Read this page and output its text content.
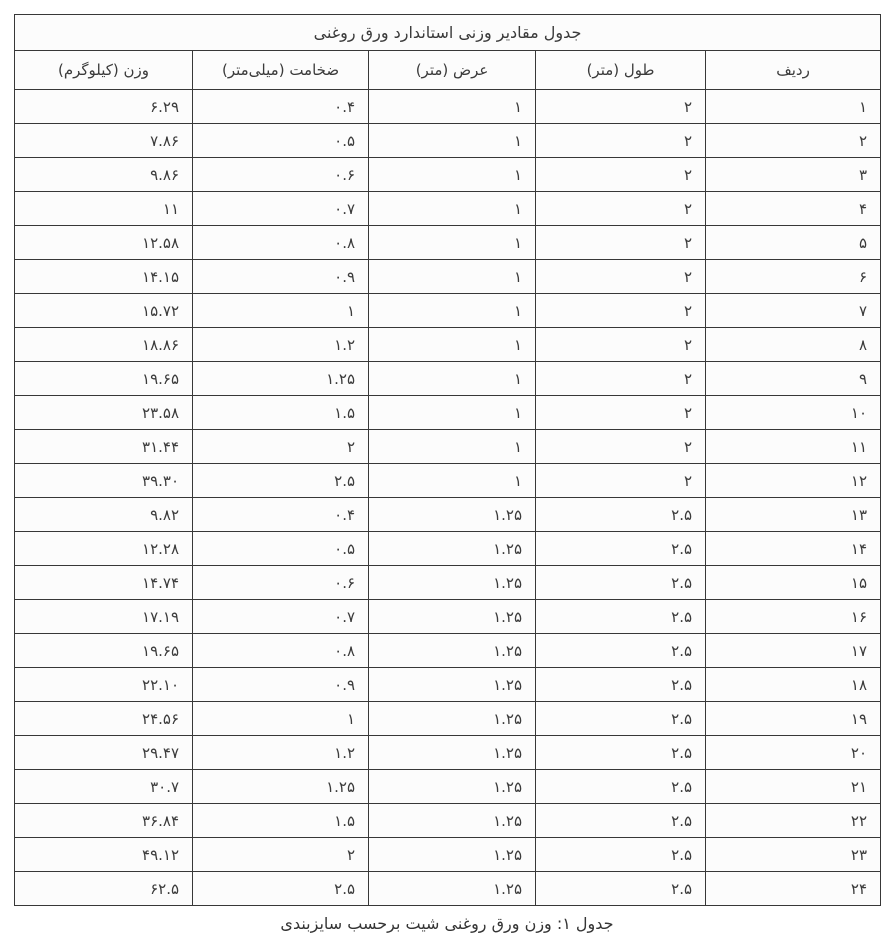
جدول مقادیر وزنی استاندارد ورق روغنی				
ردیف	طول (متر)	عرض (متر)	ضخامت (میلی‌متر)	وزن (کیلوگرم)
۱	۲	۱	۰.۴	۶.۲۹
۲	۲	۱	۰.۵	۷.۸۶
۳	۲	۱	۰.۶	۹.۸۶
۴	۲	۱	۰.۷	۱۱
۵	۲	۱	۰.۸	۱۲.۵۸
۶	۲	۱	۰.۹	۱۴.۱۵
۷	۲	۱	۱	۱۵.۷۲
۸	۲	۱	۱.۲	۱۸.۸۶
۹	۲	۱	۱.۲۵	۱۹.۶۵
۱۰	۲	۱	۱.۵	۲۳.۵۸
۱۱	۲	۱	۲	۳۱.۴۴
۱۲	۲	۱	۲.۵	۳۹.۳۰
۱۳	۲.۵	۱.۲۵	۰.۴	۹.۸۲
۱۴	۲.۵	۱.۲۵	۰.۵	۱۲.۲۸
۱۵	۲.۵	۱.۲۵	۰.۶	۱۴.۷۴
۱۶	۲.۵	۱.۲۵	۰.۷	۱۷.۱۹
۱۷	۲.۵	۱.۲۵	۰.۸	۱۹.۶۵
۱۸	۲.۵	۱.۲۵	۰.۹	۲۲.۱۰
۱۹	۲.۵	۱.۲۵	۱	۲۴.۵۶
۲۰	۲.۵	۱.۲۵	۱.۲	۲۹.۴۷
۲۱	۲.۵	۱.۲۵	۱.۲۵	۳۰.۷
۲۲	۲.۵	۱.۲۵	۱.۵	۳۶.۸۴
۲۳	۲.۵	۱.۲۵	۲	۴۹.۱۲
۲۴	۲.۵	۱.۲۵	۲.۵	۶۲.۵
جدول ۱: وزن ورق روغنی شیت برحسب سایزبندی
